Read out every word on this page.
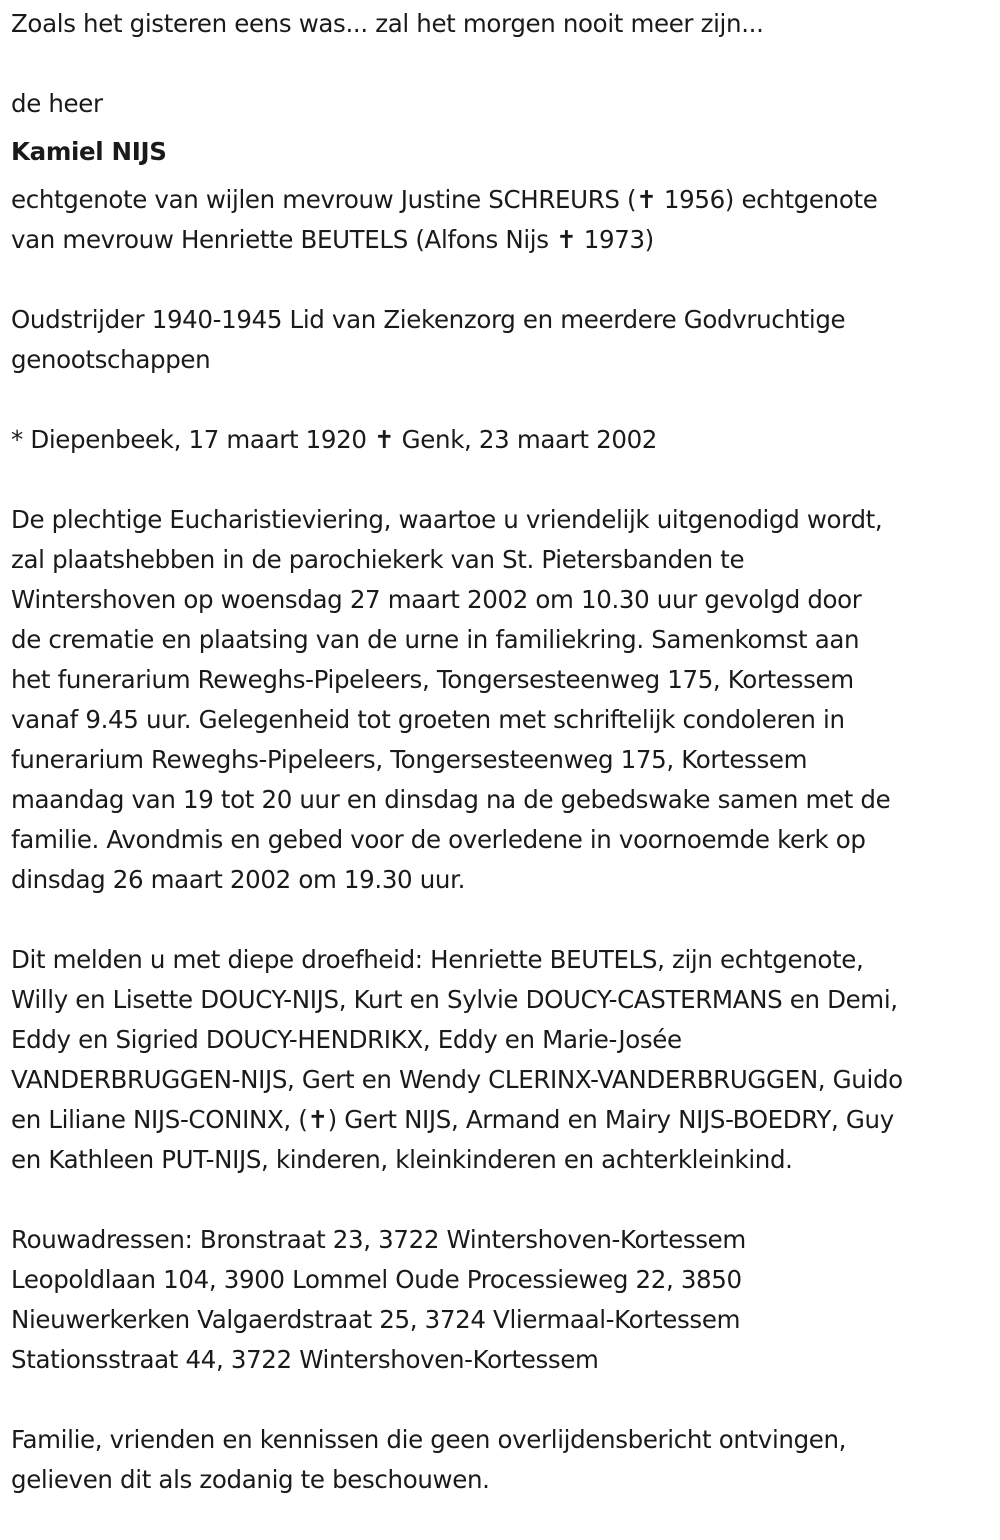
Zoals het gisteren eens was... zal het morgen nooit meer zijn...
de heer
Kamiel NIJS
echtgenote van wijlen mevrouw Justine SCHREURS (✝ 1956) echtgenote
van mevrouw Henriette BEUTELS (Alfons Nijs ✝ 1973)
Oudstrijder 1940-1945 Lid van Ziekenzorg en meerdere Godvruchtige
genootschappen
* Diepenbeek, 17 maart 1920 ✝ Genk, 23 maart 2002
De plechtige Eucharistieviering, waartoe u vriendelijk uitgenodigd wordt,
zal plaatshebben in de parochiekerk van St. Pietersbanden te
Wintershoven op woensdag 27 maart 2002 om 10.30 uur gevolgd door
de crematie en plaatsing van de urne in familiekring. Samenkomst aan
het funerarium Reweghs-Pipeleers, Tongersesteenweg 175, Kortessem
vanaf 9.45 uur. Gelegenheid tot groeten met schriftelijk condoleren in
funerarium Reweghs-Pipeleers, Tongersesteenweg 175, Kortessem
maandag van 19 tot 20 uur en dinsdag na de gebedswake samen met de
familie. Avondmis en gebed voor de overledene in voornoemde kerk op
dinsdag 26 maart 2002 om 19.30 uur.
Dit melden u met diepe droefheid: Henriette BEUTELS, zijn echtgenote,
Willy en Lisette DOUCY-NIJS, Kurt en Sylvie DOUCY-CASTERMANS en Demi,
Eddy en Sigried DOUCY-HENDRIKX, Eddy en Marie-Josée
VANDERBRUGGEN-NIJS, Gert en Wendy CLERINX-VANDERBRUGGEN, Guido
en Liliane NIJS-CONINX, (✝) Gert NIJS, Armand en Mairy NIJS-BOEDRY, Guy
en Kathleen PUT-NIJS, kinderen, kleinkinderen en achterkleinkind.
Rouwadressen: Bronstraat 23, 3722 Wintershoven-Kortessem
Leopoldlaan 104, 3900 Lommel Oude Processieweg 22, 3850
Nieuwerkerken Valgaerdstraat 25, 3724 Vliermaal-Kortessem
Stationsstraat 44, 3722 Wintershoven-Kortessem
Familie, vrienden en kennissen die geen overlijdensbericht ontvingen,
gelieven dit als zodanig te beschouwen.
